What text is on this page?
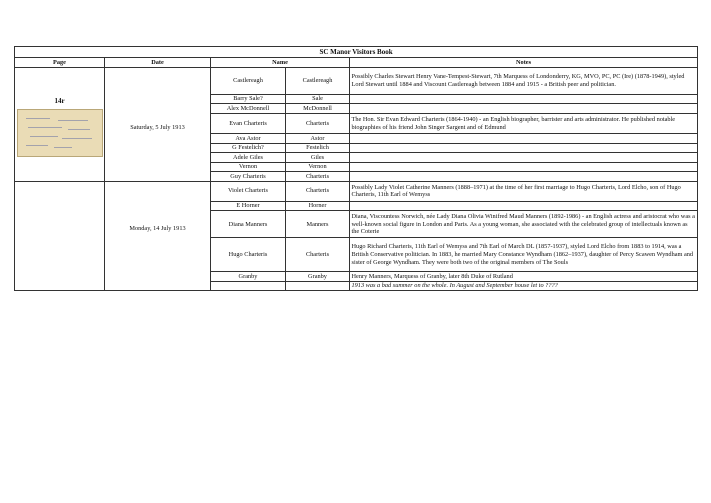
SC Manor Visitors Book				
Page	Date	Name		Notes

14r	Saturday, 5 July 1913	Castlereagh	Castlereagh	Possibly Charles Stewart Henry Vane-Tempest-Stewart, 7th Marquess of Londonderry, KG, MVO, PC, PC (Ire) (1878-1949), styled Lord Stewart until 1884 and Viscount Castlereagh between 1884 and 1915 - a British peer and politician.
		Barry Sale?	Sale	
		Alex McDonnell	McDonnell	
		Evan Charteris	Charteris	The Hon. Sir Evan Edward Charteris (1864-1940) - an English biographer, barrister and arts administrator. He published notable biographies of his friend John Singer Sargent and of Edmund
		Ava Astor	Astor	
		G Festelich?	Festelich	
		Adele Giles	Giles	
		Vernon	Vernon	
		Guy Charteris	Charteris	

	Monday, 14 July 1913	Violet Charteris	Charteris	Possibly Lady Violet Catherine Manners (1888–1971) at the time of her first marriage to Hugo Charteris, Lord Elcho, son of Hugo Charteris, 11th Earl of Wemyss
		E Horner	Horner	
		Diana Manners	Manners	Diana, Viscountess Norwich, née Lady Diana Olivia Winifred Maud Manners (1892-1986) - an English actress and aristocrat who was a well-known social figure in London and Paris. As a young woman, she associated with the celebrated group of intellectuals known as the Coterie
		Hugo Charteris	Charteris	Hugo Richard Charteris, 11th Earl of Wemyss and 7th Earl of March DL (1857-1937), styled Lord Elcho from 1883 to 1914, was a British Conservative politician. In 1883, he married Mary Constance Wyndham (1862–1937), daughter of Percy Scawen Wyndham and sister of George Wyndham. They were both two of the original members of The Souls
		Granby	Granby	Henry Manners, Marquess of Granby, later 8th Duke of Rutland
				1913 was a bad summer on the whole. In August and September house let to ????
